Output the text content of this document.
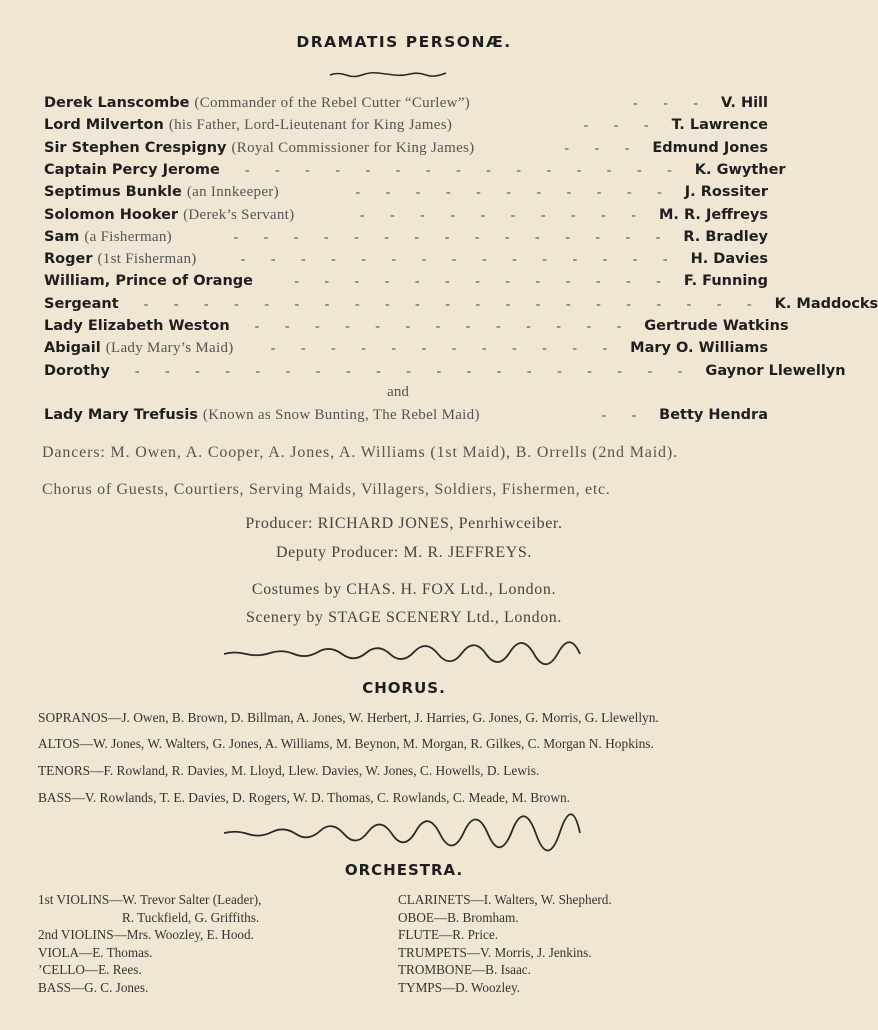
DRAMATIS PERSONÆ.
Derek Lanscombe (Commander of the Rebel Cutter “Curlew”)	- - - V. Hill
Lord Milverton (his Father, Lord-Lieutenant for King James)	- - - T. Lawrence
Sir Stephen Crespigny (Royal Commissioner for King James)	- - - Edmund Jones
Captain Percy Jerome	- - - - - - - - - - - - - - - K. Gwyther
Septimus Bunkle (an Innkeeper)	- - - - - - - - - - - J. Rossiter
Solomon Hooker (Derek’s Servant)	- - - - - - - - - - M. R. Jeffreys
Sam (a Fisherman)	- - - - - - - - - - - - - - - R. Bradley
Roger (1st Fisherman)	- - - - - - - - - - - - - - - H. Davies
William, Prince of Orange	- - - - - - - - - - - - - F. Funning
Sergeant	- - - - - - - - - - - - - - - - - - - - - K. Maddocks
Lady Elizabeth Weston	- - - - - - - - - - - - - Gertrude Watkins
Abigail (Lady Mary’s Maid)	- - - - - - - - - - - - Mary O. Williams
Dorothy	- - - - - - - - - - - - - - - - - - - Gaynor Llewellyn
and
Lady Mary Trefusis (Known as Snow Bunting, The Rebel Maid)	- - Betty Hendra
Dancers: M. Owen, A. Cooper, A. Jones, A. Williams (1st Maid), B. Orrells (2nd Maid).
Chorus of Guests, Courtiers, Serving Maids, Villagers, Soldiers, Fishermen, etc.
Producer: RICHARD JONES, Penrhiwceiber.
Deputy Producer: M. R. JEFFREYS.
Costumes by CHAS. H. FOX Ltd., London.
Scenery by STAGE SCENERY Ltd., London.
CHORUS.
SOPRANOS—J. Owen, B. Brown, D. Billman, A. Jones, W. Herbert, J. Harries, G. Jones, G. Morris, G. Llewellyn.
ALTOS—W. Jones, W. Walters, G. Jones, A. Williams, M. Beynon, M. Morgan, R. Gilkes, C. Morgan N. Hopkins.
TENORS—F. Rowland, R. Davies, M. Lloyd, Llew. Davies, W. Jones, C. Howells, D. Lewis.
BASS—V. Rowlands, T. E. Davies, D. Rogers, W. D. Thomas, C. Rowlands, C. Meade, M. Brown.
ORCHESTRA.
1st VIOLINS—W. Trevor Salter (Leader),
R. Tuckfield, G. Griffiths.
2nd VIOLINS—Mrs. Woozley, E. Hood.
VIOLA—E. Thomas.
’CELLO—E. Rees.
BASS—G. C. Jones.
CLARINETS—I. Walters, W. Shepherd.
OBOE—B. Bromham.
FLUTE—R. Price.
TRUMPETS—V. Morris, J. Jenkins.
TROMBONE—B. Isaac.
TYMPS—D. Woozley.
